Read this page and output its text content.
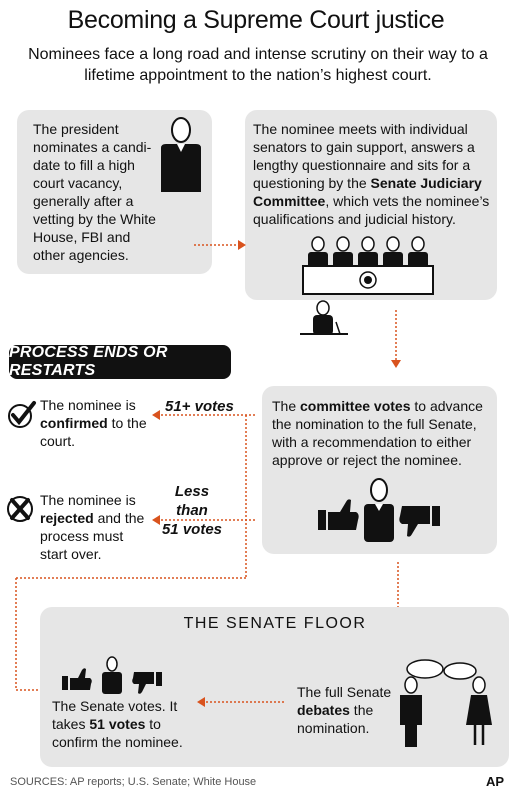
Becoming a Supreme Court justice
Nominees face a long road and intense scrutiny on their way to a lifetime appointment to the nation’s highest court.
The president nominates a candi-date to fill a high court vacancy, generally after a vetting by the White House, FBI and other agencies.
The nominee meets with individual senators to gain support, answers a lengthy questionnaire and sits for a questioning by the Senate Judiciary Committee, which vets the nominee’s qualifications and judicial history.
PROCESS ENDS OR RESTARTS
The nominee is confirmed to the court.
51+ votes
The nominee is rejected and the process must start over.
Less than
51 votes
The committee votes to advance the nomination to the full Senate, with a recommendation to either approve or reject the nominee.
THE SENATE FLOOR
The Senate votes. It takes 51 votes to confirm the nominee.
The full Senate debates the nomination.
SOURCES: AP reports; U.S. Senate; White House	AP
